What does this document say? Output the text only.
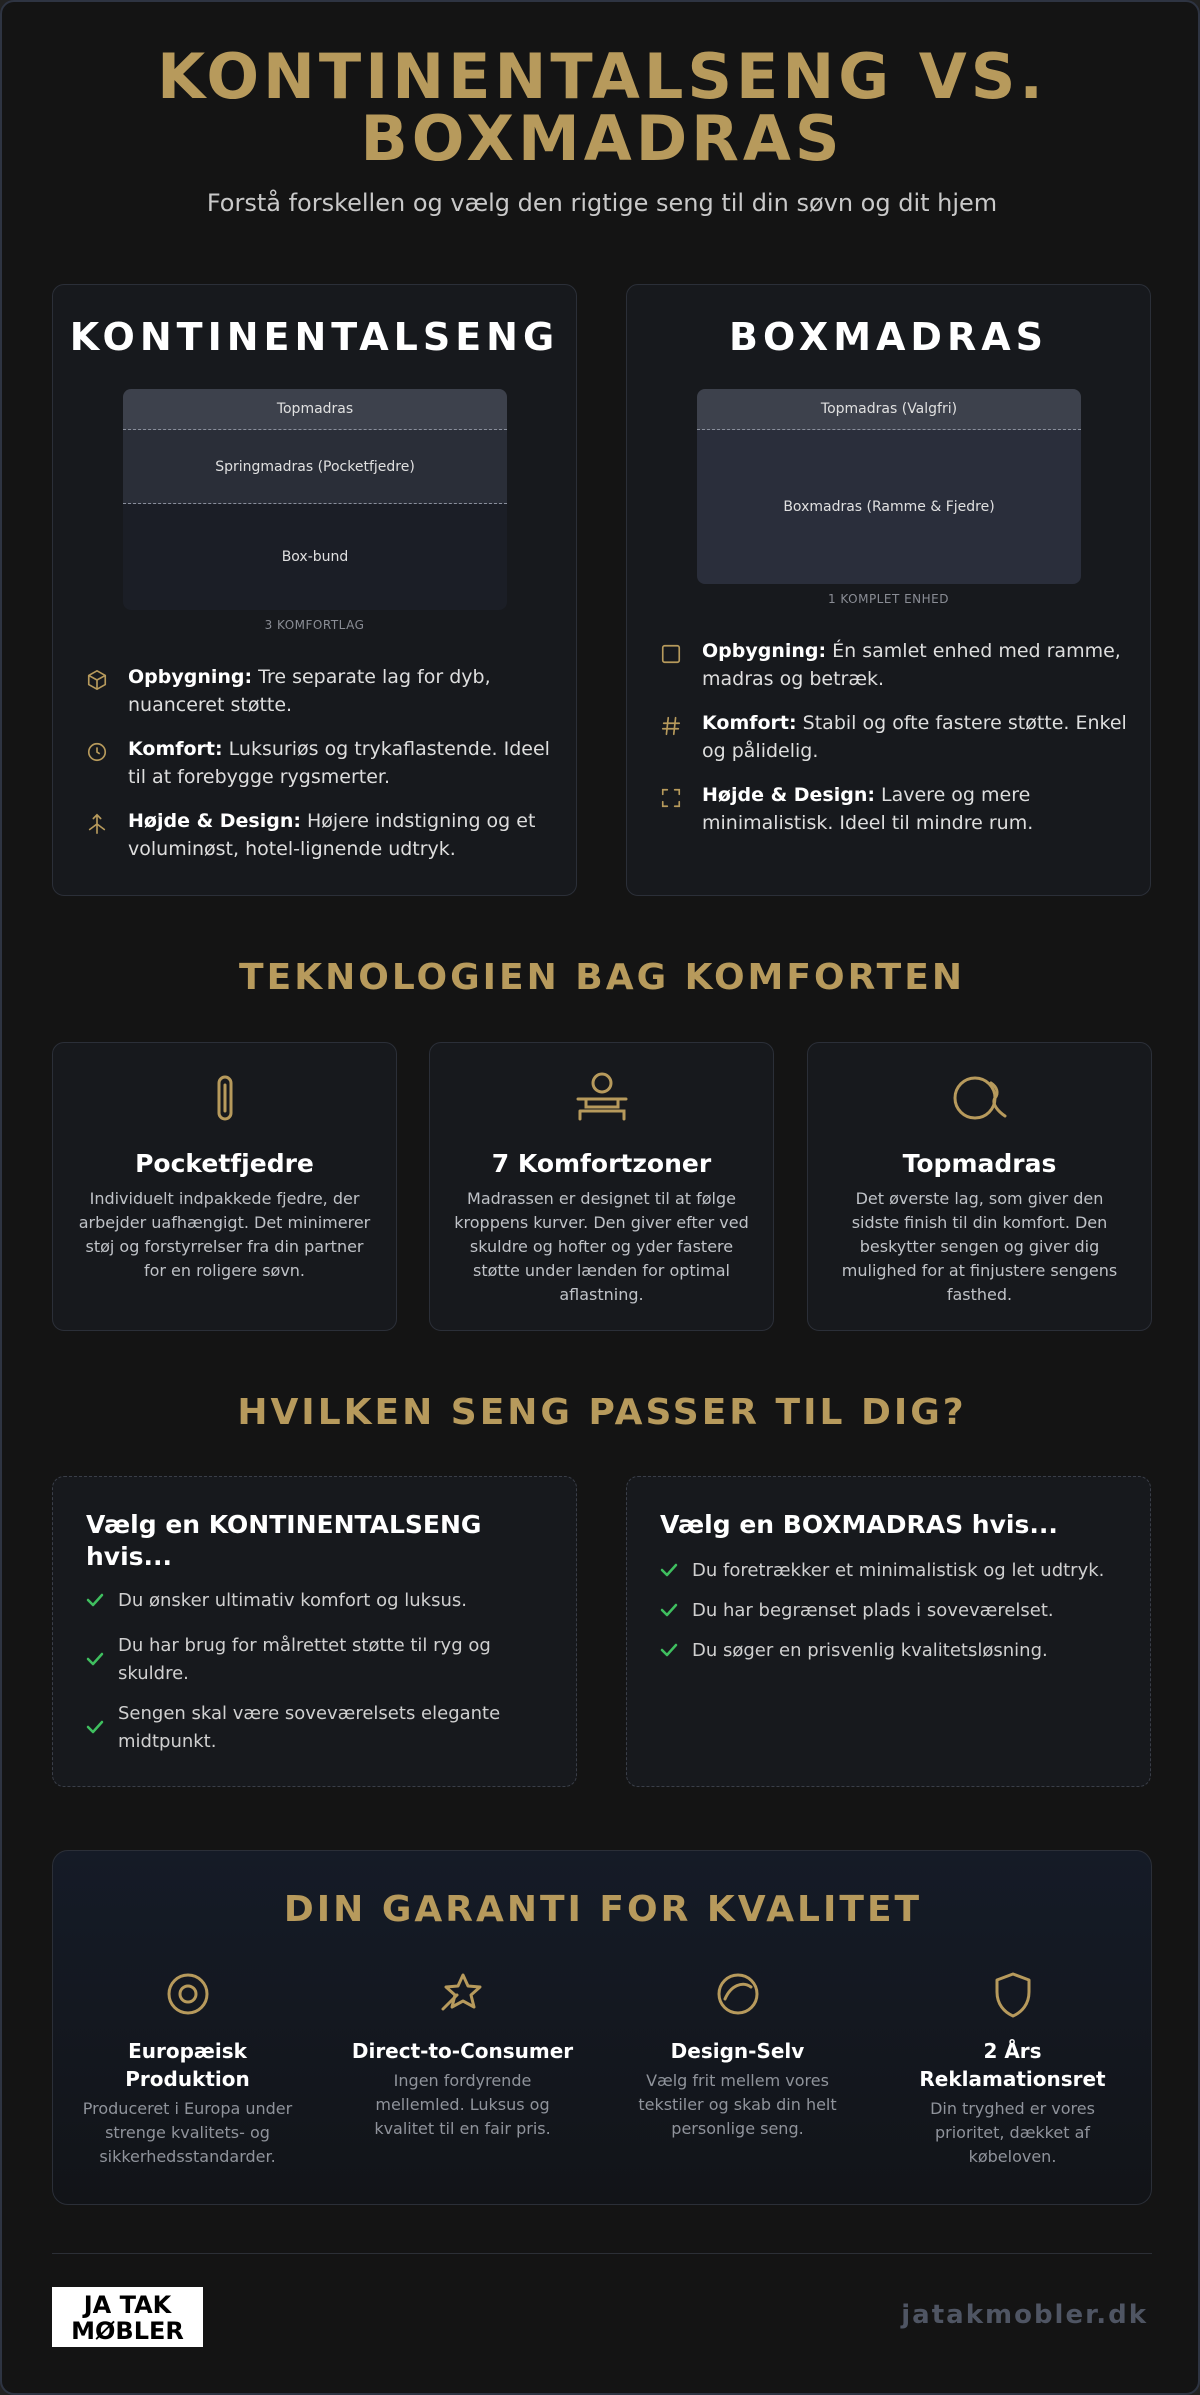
KONTINENTALSENG VS.
BOXMADRAS
Forstå forskellen og vælg den rigtige seng til din søvn og dit hjem
KONTINENTALSENG
Topmadras
Springmadras (Pocketfjedre)
Box-bund
3 KOMFORTLAG
Opbygning: Tre separate lag for dyb, nuanceret støtte.
Komfort: Luksuriøs og trykaflastende. Ideel til at forebygge rygsmerter.
Højde & Design: Højere indstigning og et voluminøst, hotel-lignende udtryk.
BOXMADRAS
Topmadras (Valgfri)
Boxmadras (Ramme & Fjedre)
1 KOMPLET ENHED
Opbygning: Én samlet enhed med ramme, madras og betræk.
Komfort: Stabil og ofte fastere støtte. Enkel og pålidelig.
Højde & Design: Lavere og mere minimalistisk. Ideel til mindre rum.
TEKNOLOGIEN BAG KOMFORTEN
Pocketfjedre
Individuelt indpakkede fjedre, der arbejder uafhængigt. Det minimerer støj og forstyrrelser fra din partner for en roligere søvn.
7 Komfortzoner
Madrassen er designet til at følge kroppens kurver. Den giver efter ved skuldre og hofter og yder fastere støtte under lænden for optimal aflastning.
Topmadras
Det øverste lag, som giver den sidste finish til din komfort. Den beskytter sengen og giver dig mulighed for at finjustere sengens fasthed.
HVILKEN SENG PASSER TIL DIG?
Vælg en KONTINENTALSENG hvis...
Du ønsker ultimativ komfort og luksus.
Du har brug for målrettet støtte til ryg og skuldre.
Sengen skal være soveværelsets elegante midtpunkt.
Vælg en BOXMADRAS hvis...
Du foretrækker et minimalistisk og let udtryk.
Du har begrænset plads i soveværelset.
Du søger en prisvenlig kvalitetsløsning.
DIN GARANTI FOR KVALITET
Europæisk Produktion
Produceret i Europa under strenge kvalitets- og sikkerhedsstandarder.
Direct-to-Consumer
Ingen fordyrende mellemled. Luksus og kvalitet til en fair pris.
Design-Selv
Vælg frit mellem vores tekstiler og skab din helt personlige seng.
2 Års Reklamationsret
Din tryghed er vores prioritet, dækket af købeloven.
JA TAK
MØBLER
jatakmobler.dk
